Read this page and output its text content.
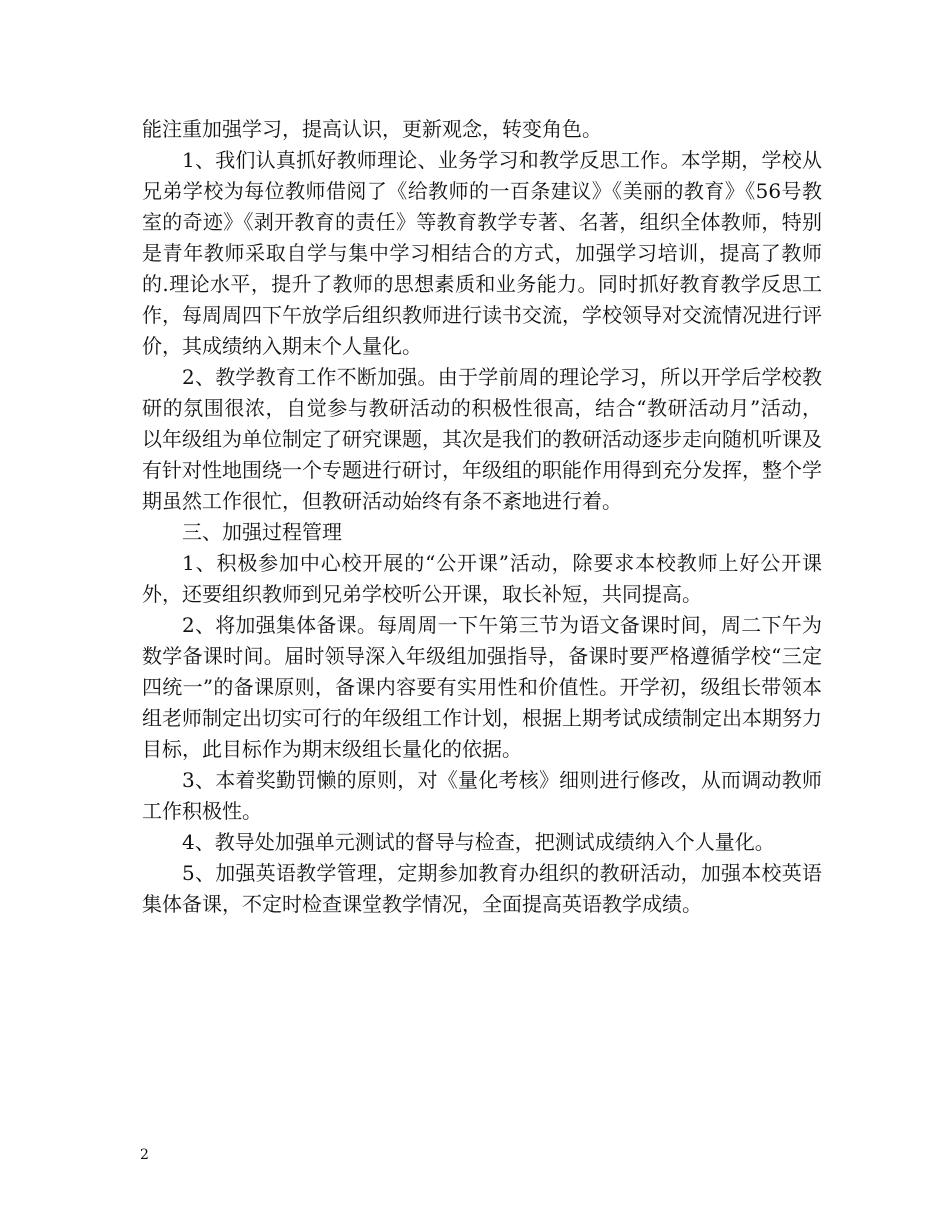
能注重加强学习，提高认识，更新观念，转变角色。

1、我们认真抓好教师理论、业务学习和教学反思工作。本学期，学校从兄弟学校为每位教师借阅了《给教师的一百条建议》《美丽的教育》《56号教室的奇迹》《剥开教育的责任》等教育教学专著、名著，组织全体教师，特别是青年教师采取自学与集中学习相结合的方式，加强学习培训，提高了教师的.理论水平，提升了教师的思想素质和业务能力。同时抓好教育教学反思工作，每周周四下午放学后组织教师进行读书交流，学校领导对交流情况进行评价，其成绩纳入期末个人量化。

2、教学教育工作不断加强。由于学前周的理论学习，所以开学后学校教研的氛围很浓，自觉参与教研活动的积极性很高，结合“教研活动月”活动，以年级组为单位制定了研究课题，其次是我们的教研活动逐步走向随机听课及有针对性地围绕一个专题进行研讨，年级组的职能作用得到充分发挥，整个学期虽然工作很忙，但教研活动始终有条不紊地进行着。

三、加强过程管理

1、积极参加中心校开展的“公开课”活动，除要求本校教师上好公开课外，还要组织教师到兄弟学校听公开课，取长补短，共同提高。

2、将加强集体备课。每周周一下午第三节为语文备课时间，周二下午为数学备课时间。届时领导深入年级组加强指导，备课时要严格遵循学校“三定四统一”的备课原则，备课内容要有实用性和价值性。开学初，级组长带领本组老师制定出切实可行的年级组工作计划，根据上期考试成绩制定出本期努力目标，此目标作为期末级组长量化的依据。

3、本着奖勤罚懒的原则，对《量化考核》细则进行修改，从而调动教师工作积极性。

4、教导处加强单元测试的督导与检查，把测试成绩纳入个人量化。

5、加强英语教学管理，定期参加教育办组织的教研活动，加强本校英语集体备课，不定时检查课堂教学情况，全面提高英语教学成绩。

2
